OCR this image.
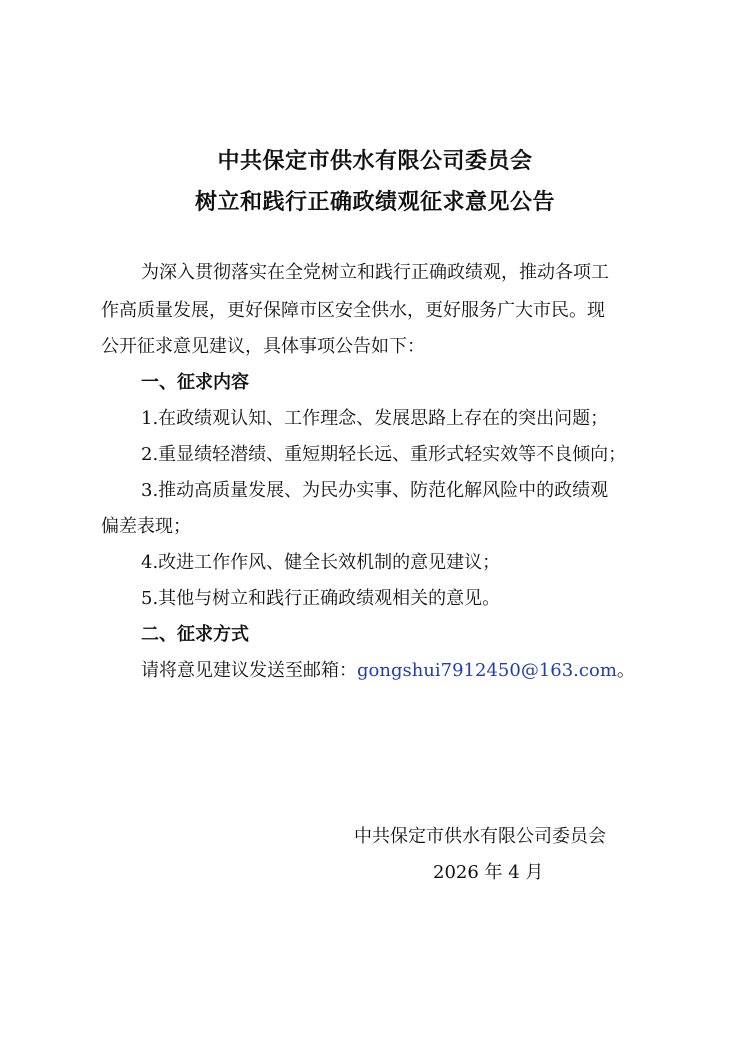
中共保定市供水有限公司委员会
树立和践行正确政绩观征求意见公告
为深入贯彻落实在全党树立和践行正确政绩观，推动各项工
作高质量发展，更好保障市区安全供水，更好服务广大市民。现
公开征求意见建议，具体事项公告如下：
一、征求内容
1.在政绩观认知、工作理念、发展思路上存在的突出问题；
2.重显绩轻潜绩、重短期轻长远、重形式轻实效等不良倾向；
3.推动高质量发展、为民办实事、防范化解风险中的政绩观
偏差表现；
4.改进工作作风、健全长效机制的意见建议；
5.其他与树立和践行正确政绩观相关的意见。
二、征求方式
请将意见建议发送至邮箱：gongshui7912450@163.com。
中共保定市供水有限公司委员会
2026 年 4 月
